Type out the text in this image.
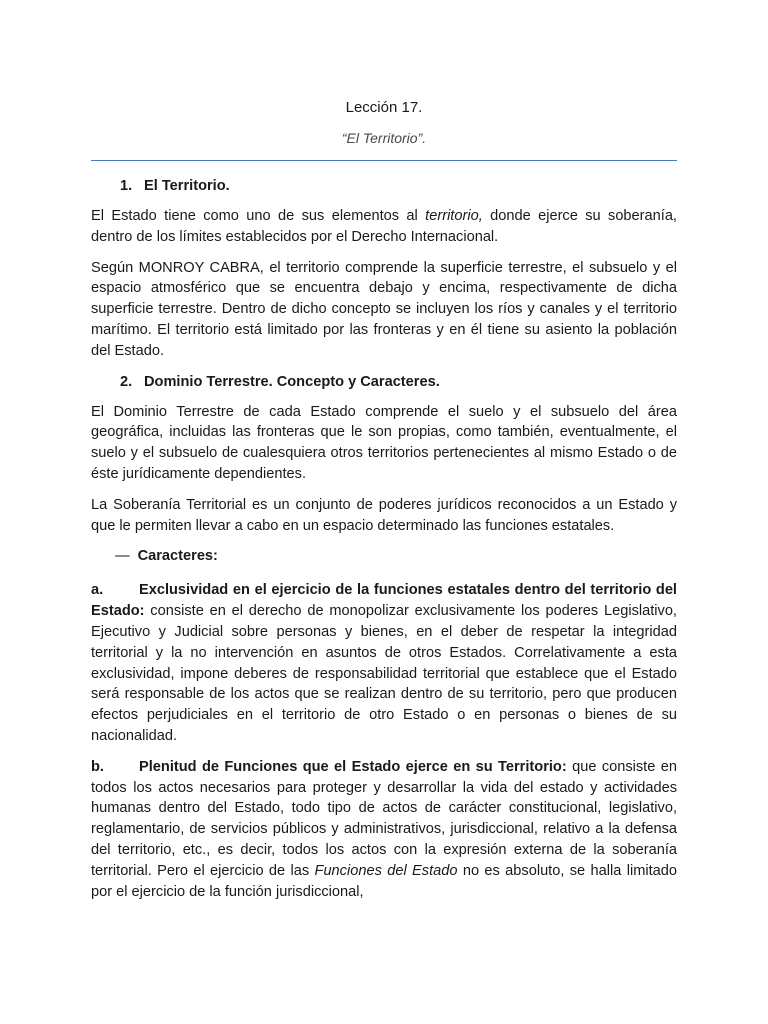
Lección 17.

“El Territorio”.

1. El Territorio.

El Estado tiene como uno de sus elementos al territorio, donde ejerce su soberanía, dentro de los límites establecidos por el Derecho Internacional.

Según MONROY CABRA, el territorio comprende la superficie terrestre, el subsuelo y el espacio atmosférico que se encuentra debajo y encima, respectivamente de dicha superficie terrestre. Dentro de dicho concepto se incluyen los ríos y canales y el territorio marítimo. El territorio está limitado por las fronteras y en él tiene su asiento la población del Estado.

2. Dominio Terrestre. Concepto y Caracteres.

El Dominio Terrestre de cada Estado comprende el suelo y el subsuelo del área geográfica, incluidas las fronteras que le son propias, como también, eventualmente, el suelo y el subsuelo de cualesquiera otros territorios pertenecientes al mismo Estado o de éste jurídicamente dependientes.

La Soberanía Territorial es un conjunto de poderes jurídicos reconocidos a un Estado y que le permiten llevar a cabo en un espacio determinado las funciones estatales.

— Caracteres:

a. Exclusividad en el ejercicio de la funciones estatales dentro del territorio del Estado: consiste en el derecho de monopolizar exclusivamente los poderes Legislativo, Ejecutivo y Judicial sobre personas y bienes, en el deber de respetar la integridad territorial y la no intervención en asuntos de otros Estados. Correlativamente a esta exclusividad, impone deberes de responsabilidad territorial que establece que el Estado será responsable de los actos que se realizan dentro de su territorio, pero que producen efectos perjudiciales en el territorio de otro Estado o en personas o bienes de su nacionalidad.

b. Plenitud de Funciones que el Estado ejerce en su Territorio: que consiste en todos los actos necesarios para proteger y desarrollar la vida del estado y actividades humanas dentro del Estado, todo tipo de actos de carácter constitucional, legislativo, reglamentario, de servicios públicos y administrativos, jurisdiccional, relativo a la defensa del territorio, etc., es decir, todos los actos con la expresión externa de la soberanía territorial. Pero el ejercicio de las Funciones del Estado no es absoluto, se halla limitado por el ejercicio de la función jurisdiccional,
